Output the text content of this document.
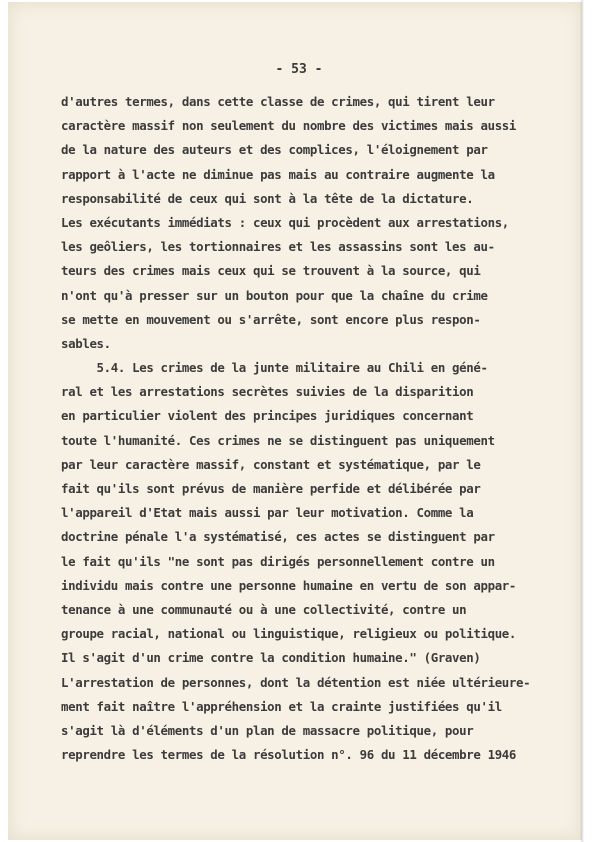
- 53 -
d'autres termes, dans cette classe de crimes, qui tirent leur
caractère massif non seulement du nombre des victimes mais aussi
de la nature des auteurs et des complices, l'éloignement par
rapport à l'acte ne diminue pas mais au contraire augmente la
responsabilité de ceux qui sont à la tête de la dictature.
Les exécutants immédiats : ceux qui procèdent aux arrestations,
les geôliers, les tortionnaires et les assassins sont les au-
teurs des crimes mais ceux qui se trouvent à la source, qui
n'ont qu'à presser sur un bouton pour que la chaîne du crime
se mette en mouvement ou s'arrête, sont encore plus respon-
sables.
5.4. Les crimes de la junte militaire au Chili en géné-
ral et les arrestations secrètes suivies de la disparition
en particulier violent des principes juridiques concernant
toute l'humanité. Ces crimes ne se distinguent pas uniquement
par leur caractère massif, constant et systématique, par le
fait qu'ils sont prévus de manière perfide et délibérée par
l'appareil d'Etat mais aussi par leur motivation. Comme la
doctrine pénale l'a systématisé, ces actes se distinguent par
le fait qu'ils "ne sont pas dirigés personnellement contre un
individu mais contre une personne humaine en vertu de son appar-
tenance à une communauté ou à une collectivité, contre un
groupe racial, national ou linguistique, religieux ou politique.
Il s'agit d'un crime contre la condition humaine." (Graven)
L'arrestation de personnes, dont la détention est niée ultérieure-
ment fait naître l'appréhension et la crainte justifiées qu'il
s'agit là d'éléments d'un plan de massacre politique, pour
reprendre les termes de la résolution n°. 96 du 11 décembre 1946
